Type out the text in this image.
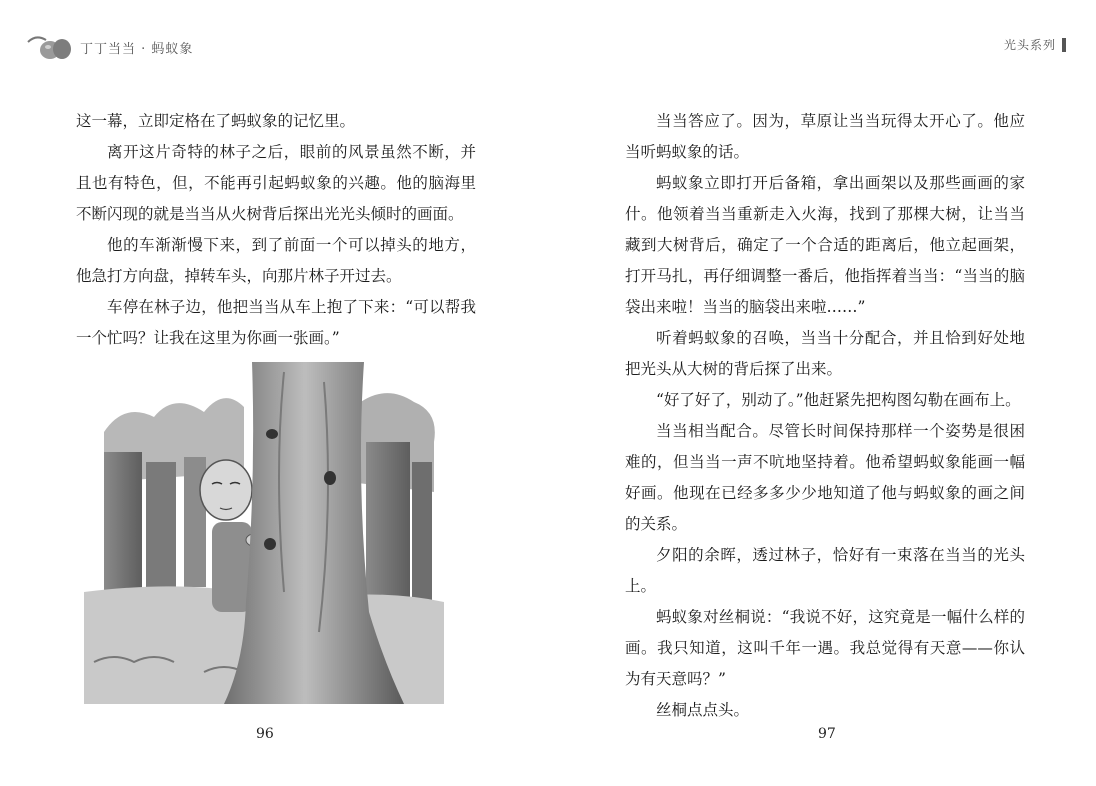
丁丁当当 · 蚂蚁象

这一幕，立即定格在了蚂蚁象的记忆里。

离开这片奇特的林子之后，眼前的风景虽然不断，并且也有特色，但，不能再引起蚂蚁象的兴趣。他的脑海里不断闪现的就是当当从火树背后探出光光头倾时的画面。

他的车渐渐慢下来，到了前面一个可以掉头的地方，他急打方向盘，掉转车头，向那片林子开过去。

车停在林子边，他把当当从车上抱了下来：“可以帮我一个忙吗？让我在这里为你画一张画。”

96
光头系列

当当答应了。因为，草原让当当玩得太开心了。他应当听蚂蚁象的话。

蚂蚁象立即打开后备箱，拿出画架以及那些画画的家什。他领着当当重新走入火海，找到了那棵大树，让当当藏到大树背后，确定了一个合适的距离后，他立起画架，打开马扎，再仔细调整一番后，他指挥着当当：“当当的脑袋出来啦！当当的脑袋出来啦……”

听着蚂蚁象的召唤，当当十分配合，并且恰到好处地把光头从大树的背后探了出来。

“好了好了，别动了。”他赶紧先把构图勾勒在画布上。

当当相当配合。尽管长时间保持那样一个姿势是很困难的，但当当一声不吭地坚持着。他希望蚂蚁象能画一幅好画。他现在已经多多少少地知道了他与蚂蚁象的画之间的关系。

夕阳的余晖，透过林子，恰好有一束落在当当的光头上。

蚂蚁象对丝桐说：“我说不好，这究竟是一幅什么样的画。我只知道，这叫千年一遇。我总觉得有天意——你认为有天意吗？”

丝桐点点头。

97
